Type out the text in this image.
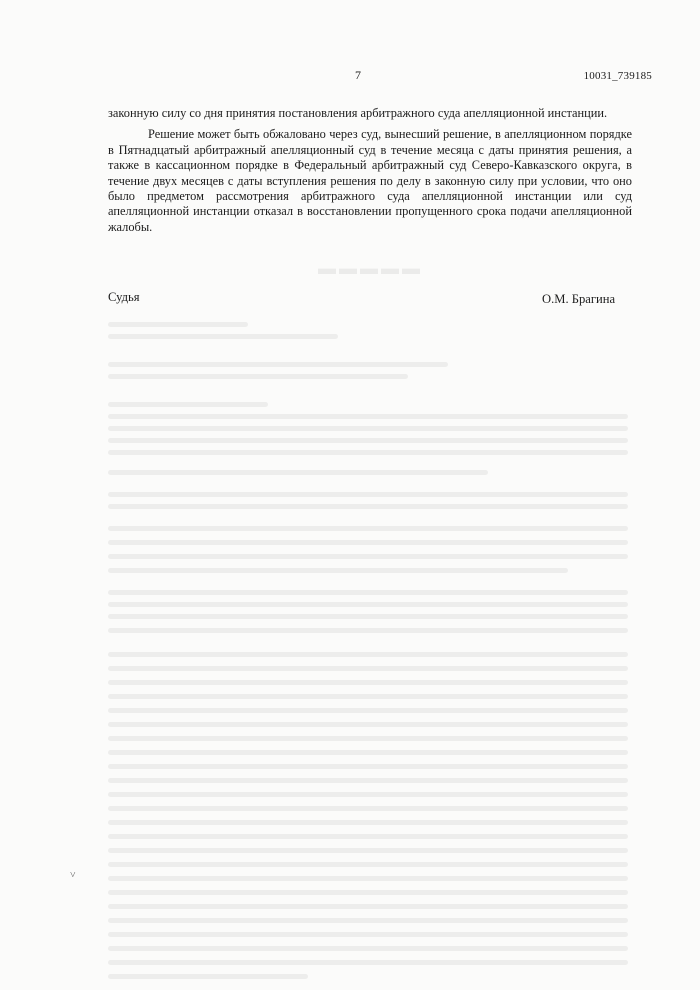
7	10031_739185

законную силу со дня принятия постановления арбитражного суда апелляционной инстанции.

Решение может быть обжаловано через суд, вынесший решение, в апелляционном порядке в Пятнадцатый арбитражный апелляционный суд в течение месяца с даты принятия решения, а также в кассационном порядке в Федеральный арбитражный суд Северо-Кавказского округа, в течение двух месяцев с даты вступления решения по делу в законную силу при условии, что оно было предметом рассмотрения арбитражного суда апелляционной инстанции или суд апелляционной инстанции отказал в восстановлении пропущенного срока подачи апелляционной жалобы.

Судья	О.М. Брагина
▬▬▬▬▬
˅
